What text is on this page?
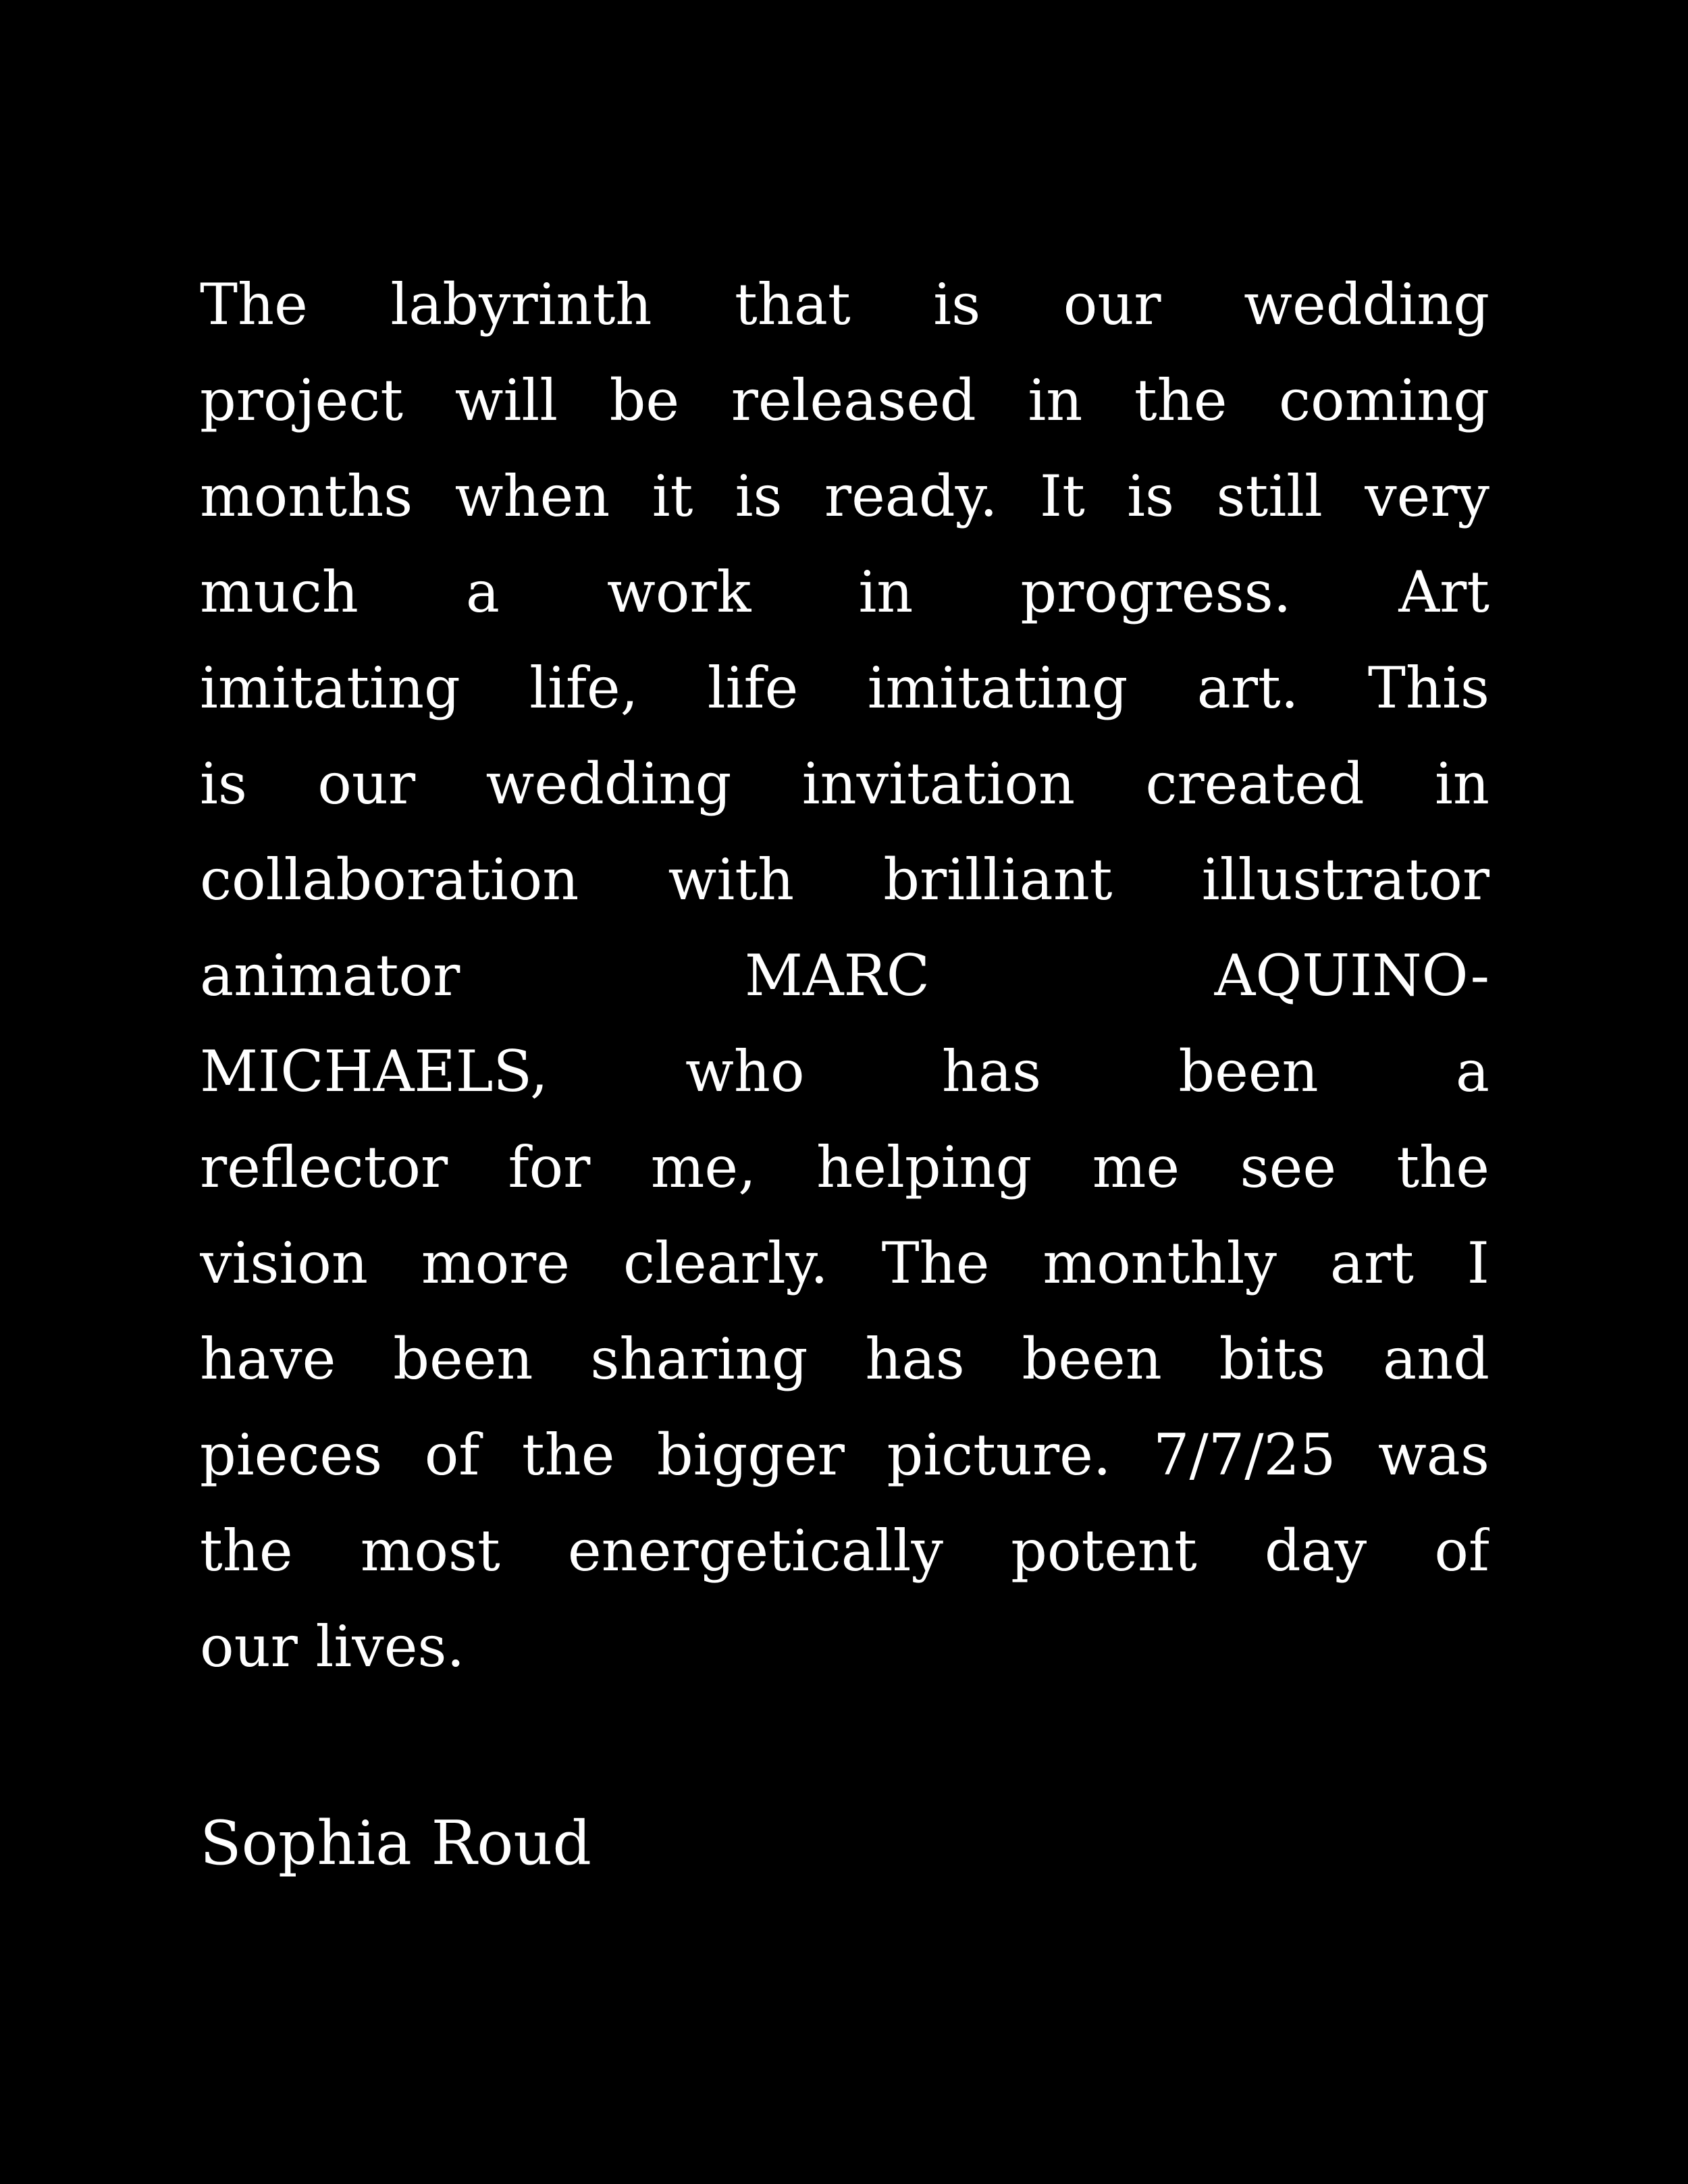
The labyrinth that is our wedding
project will be released in the coming
months when it is ready. It is still very
much a work in progress. Art
imitating life, life imitating art. This
is our wedding invitation created in
collaboration with brilliant illustrator
animator MARC AQUINO-
MICHAELS, who has been a
reflector for me, helping me see the
vision more clearly. The monthly art I
have been sharing has been bits and
pieces of the bigger picture. 7/7/25 was
the most energetically potent day of
our lives.
Sophia Roud
